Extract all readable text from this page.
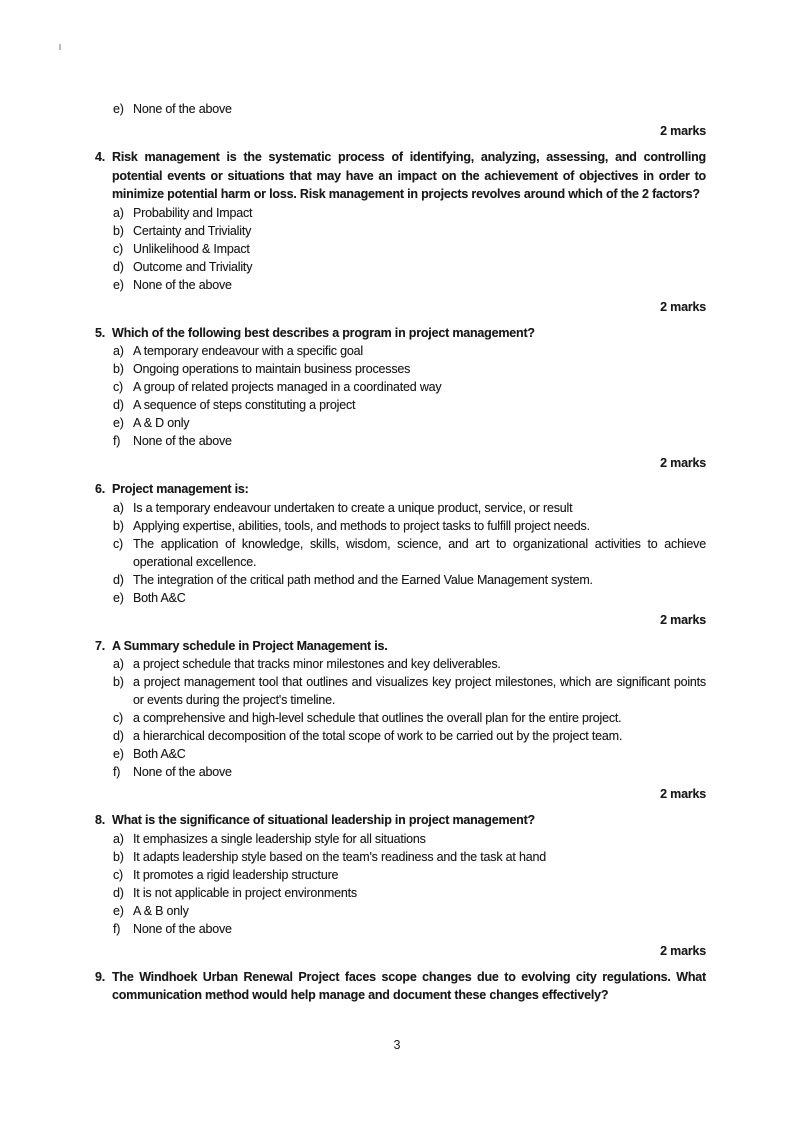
e) None of the above
2 marks
4. Risk management is the systematic process of identifying, analyzing, assessing, and controlling potential events or situations that may have an impact on the achievement of objectives in order to minimize potential harm or loss. Risk management in projects revolves around which of the 2 factors?
a) Probability and Impact
b) Certainty and Triviality
c) Unlikelihood & Impact
d) Outcome and Triviality
e) None of the above
2 marks
5. Which of the following best describes a program in project management?
a) A temporary endeavour with a specific goal
b) Ongoing operations to maintain business processes
c) A group of related projects managed in a coordinated way
d) A sequence of steps constituting a project
e) A & D only
f)	None of the above
2 marks
6. Project management is:
a) Is a temporary endeavour undertaken to create a unique product, service, or result
b) Applying expertise, abilities, tools, and methods to project tasks to fulfill project needs.
c) The application of knowledge, skills, wisdom, science, and art to organizational activities to achieve operational excellence.
d) The integration of the critical path method and the Earned Value Management system.
e) Both A&C
2 marks
7. A Summary schedule in Project Management is.
a) a project schedule that tracks minor milestones and key deliverables.
b) a project management tool that outlines and visualizes key project milestones, which are significant points or events during the project's timeline.
c) a comprehensive and high-level schedule that outlines the overall plan for the entire project.
d) a hierarchical decomposition of the total scope of work to be carried out by the project team.
e) Both A&C
f)	None of the above
2 marks
8. What is the significance of situational leadership in project management?
a) It emphasizes a single leadership style for all situations
b) It adapts leadership style based on the team's readiness and the task at hand
c) It promotes a rigid leadership structure
d) It is not applicable in project environments
e) A & B only
f)	None of the above
2 marks
9. The Windhoek Urban Renewal Project faces scope changes due to evolving city regulations. What communication method would help manage and document these changes effectively?
3
